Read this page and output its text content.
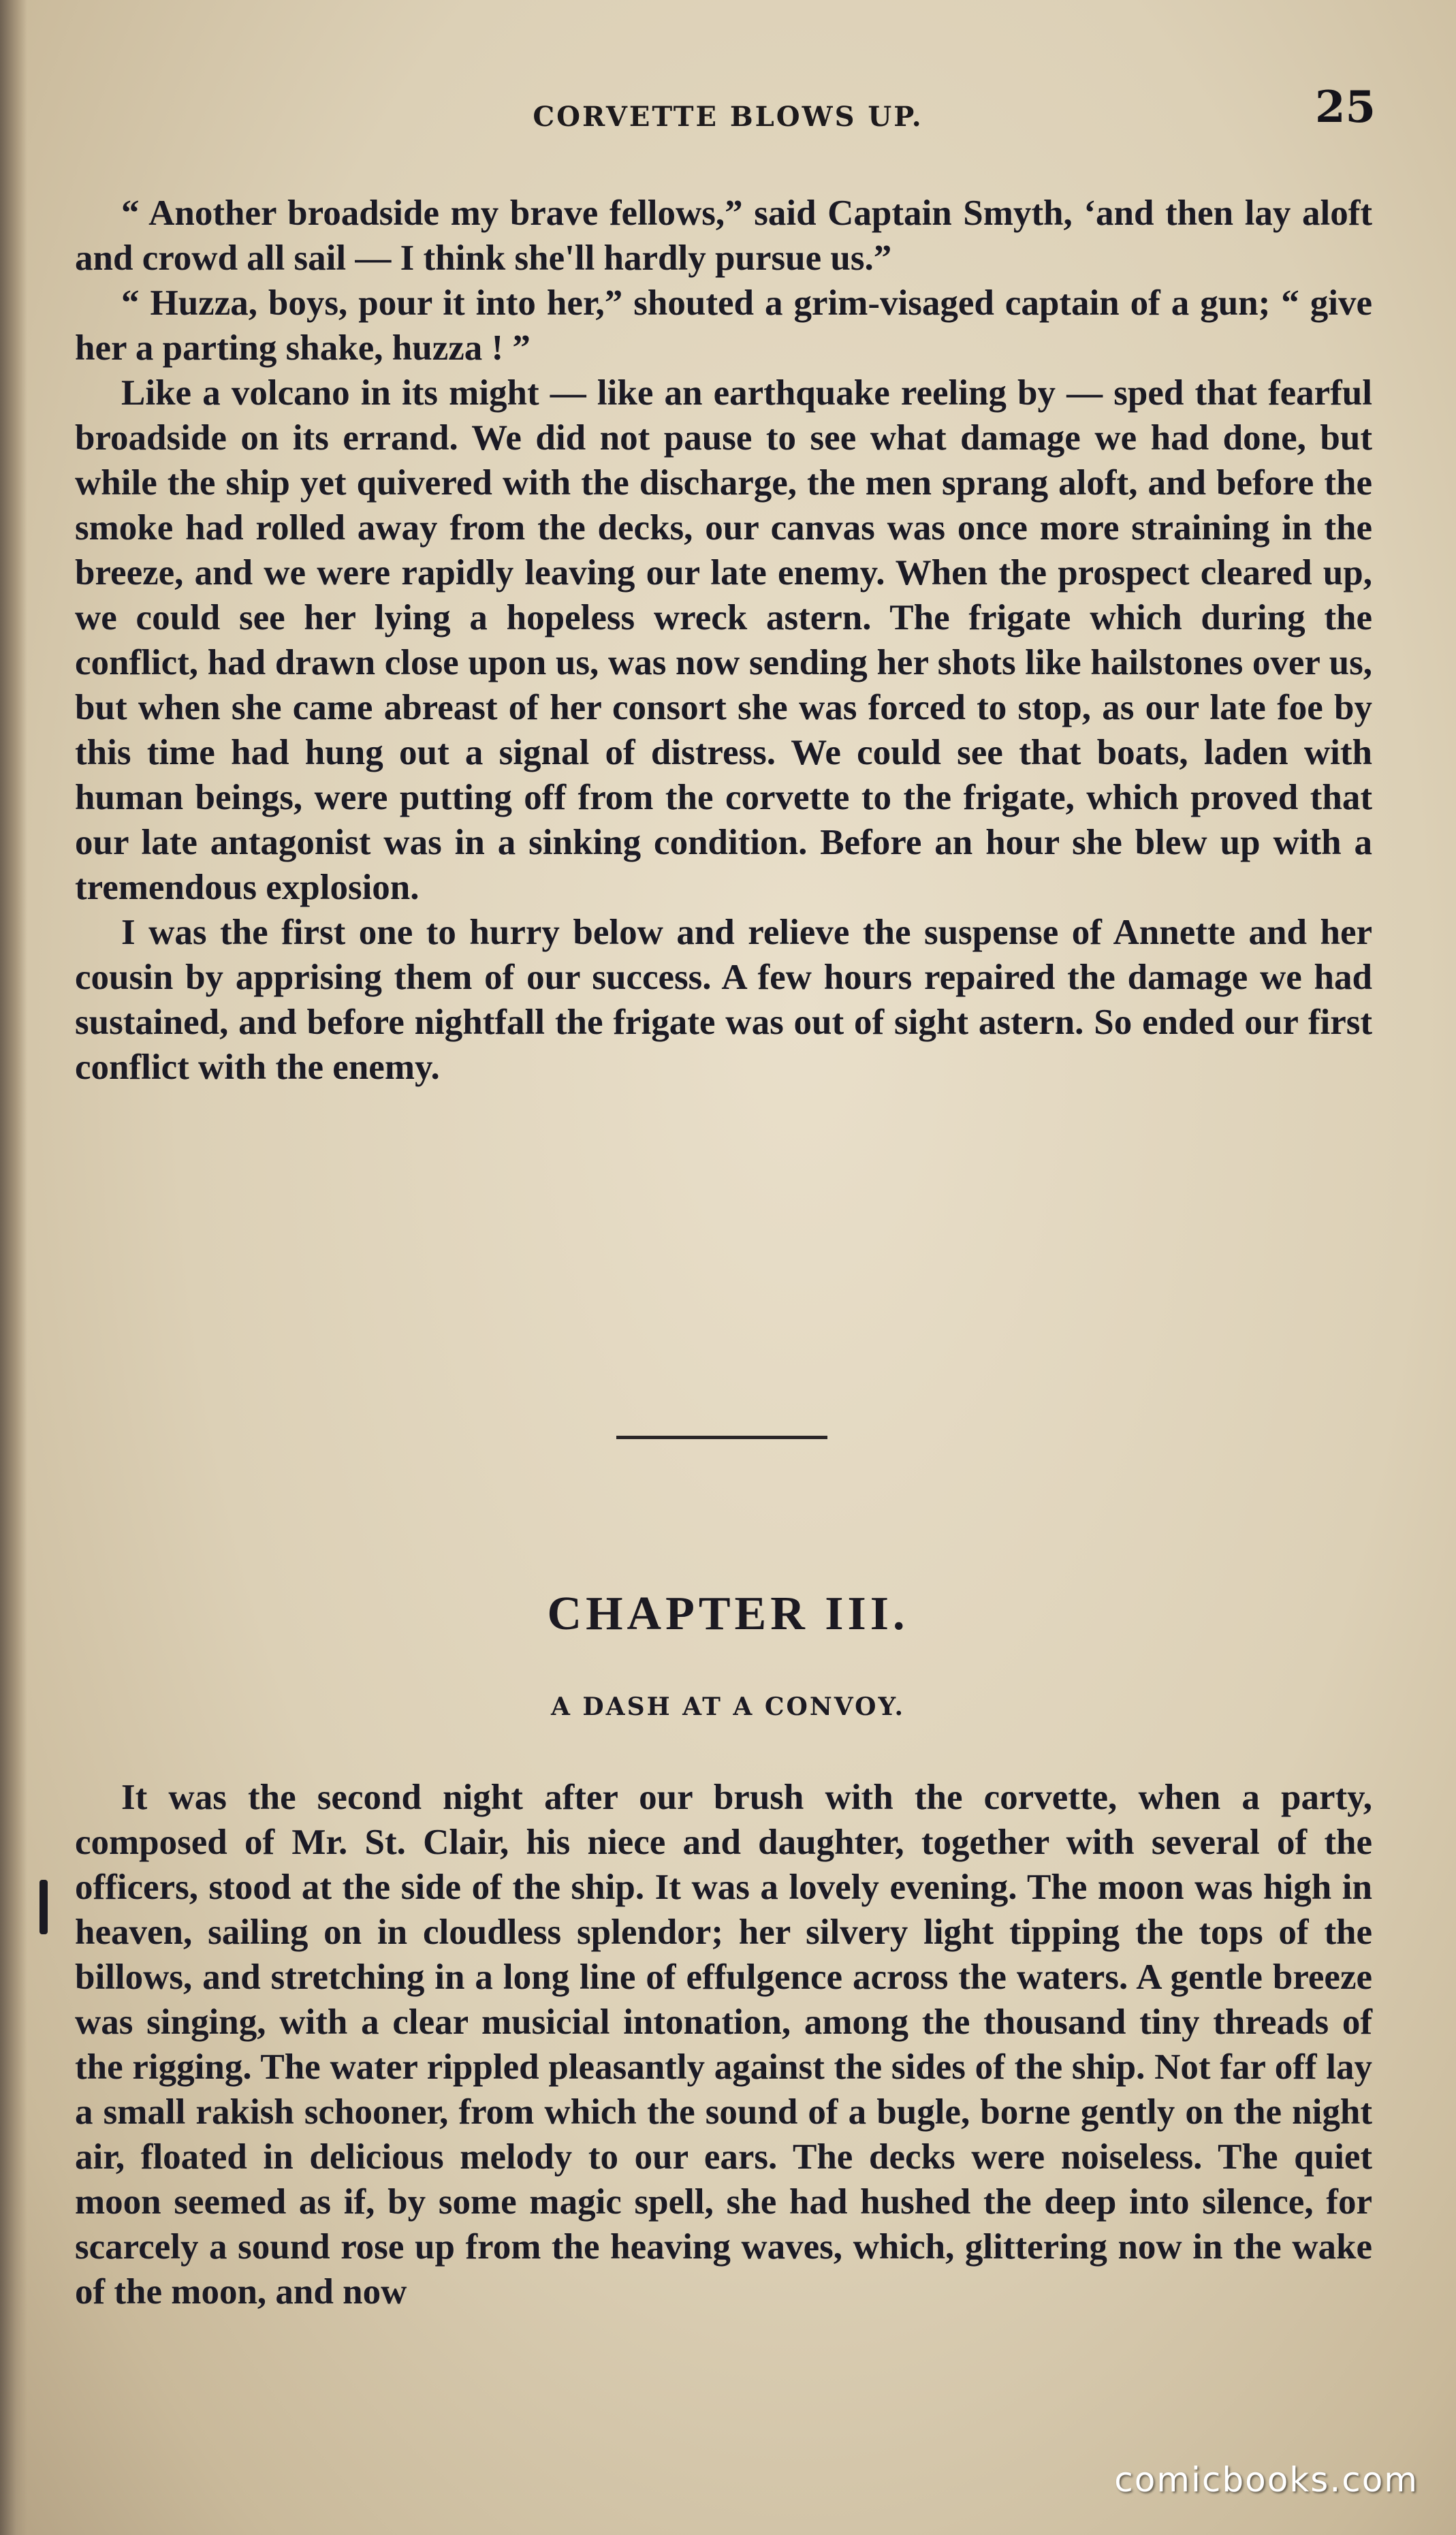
CORVETTE BLOWS UP.	25

“ Another broadside my brave fellows,” said Captain Smyth, ‘and then lay aloft and crowd all sail — I think she'll hardly pursue us.”

“ Huzza, boys, pour it into her,” shouted a grim-visaged captain of a gun; “ give her a parting shake, huzza ! ”

Like a volcano in its might — like an earthquake reeling by — sped that fearful broadside on its errand. We did not pause to see what damage we had done, but while the ship yet quivered with the discharge, the men sprang aloft, and before the smoke had rolled away from the decks, our canvas was once more straining in the breeze, and we were rapidly leaving our late enemy. When the prospect cleared up, we could see her lying a hopeless wreck astern. The frigate which during the conflict, had drawn close upon us, was now sending her shots like hailstones over us, but when she came abreast of her consort she was forced to stop, as our late foe by this time had hung out a signal of distress. We could see that boats, laden with human beings, were putting off from the corvette to the frigate, which proved that our late antagonist was in a sinking condition. Before an hour she blew up with a tremendous explosion.

I was the first one to hurry below and relieve the suspense of Annette and her cousin by apprising them of our success. A few hours repaired the damage we had sustained, and before nightfall the frigate was out of sight astern. So ended our first conflict with the enemy.

CHAPTER III.
A DASH AT A CONVOY.

It was the second night after our brush with the corvette, when a party, composed of Mr. St. Clair, his niece and daughter, together with several of the officers, stood at the side of the ship. It was a lovely evening. The moon was high in heaven, sailing on in cloudless splendor; her silvery light tipping the tops of the billows, and stretching in a long line of effulgence across the waters. A gentle breeze was singing, with a clear musicial intonation, among the thousand tiny threads of the rigging. The water rippled pleasantly against the sides of the ship. Not far off lay a small rakish schooner, from which the sound of a bugle, borne gently on the night air, floated in delicious melody to our ears. The decks were noiseless. The quiet moon seemed as if, by some magic spell, she had hushed the deep into silence, for scarcely a sound rose up from the heaving waves, which, glittering now in the wake of the moon, and now

comicbooks.com
